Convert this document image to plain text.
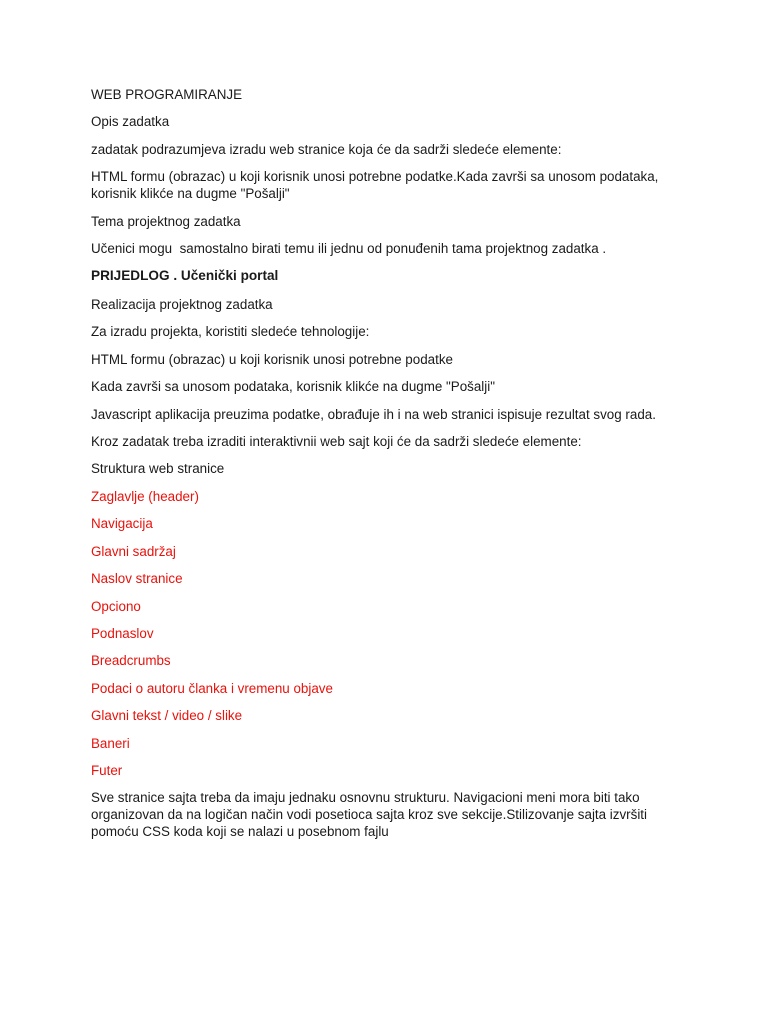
WEB PROGRAMIRANJE

Opis zadatka

zadatak podrazumjeva izradu web stranice koja će da sadrži sledeće elemente:

HTML formu (obrazac) u koji korisnik unosi potrebne podatke.Kada završi sa unosom podataka, korisnik klikće na dugme "Pošalji"

Tema projektnog zadatka

Učenici mogu  samostalno birati temu ili jednu od ponuđenih tama projektnog zadatka .

PRIJEDLOG . Učenički portal

Realizacija projektnog zadatka

Za izradu projekta, koristiti sledeće tehnologije:

HTML formu (obrazac) u koji korisnik unosi potrebne podatke

Kada završi sa unosom podataka, korisnik klikće na dugme "Pošalji"

Javascript aplikacija preuzima podatke, obrađuje ih i na web stranici ispisuje rezultat svog rada.

Kroz zadatak treba izraditi interaktivnii web sajt koji će da sadrži sledeće elemente:

Struktura web stranice

Zaglavlje (header)

Navigacija

Glavni sadržaj

Naslov stranice

Opciono

Podnaslov

Breadcrumbs

Podaci o autoru članka i vremenu objave

Glavni tekst / video / slike

Baneri

Futer

Sve stranice sajta treba da imaju jednaku osnovnu strukturu. Navigacioni meni mora biti tako organizovan da na logičan način vodi posetioca sajta kroz sve sekcije.Stilizovanje sajta izvršiti pomoću CSS koda koji se nalazi u posebnom fajlu
